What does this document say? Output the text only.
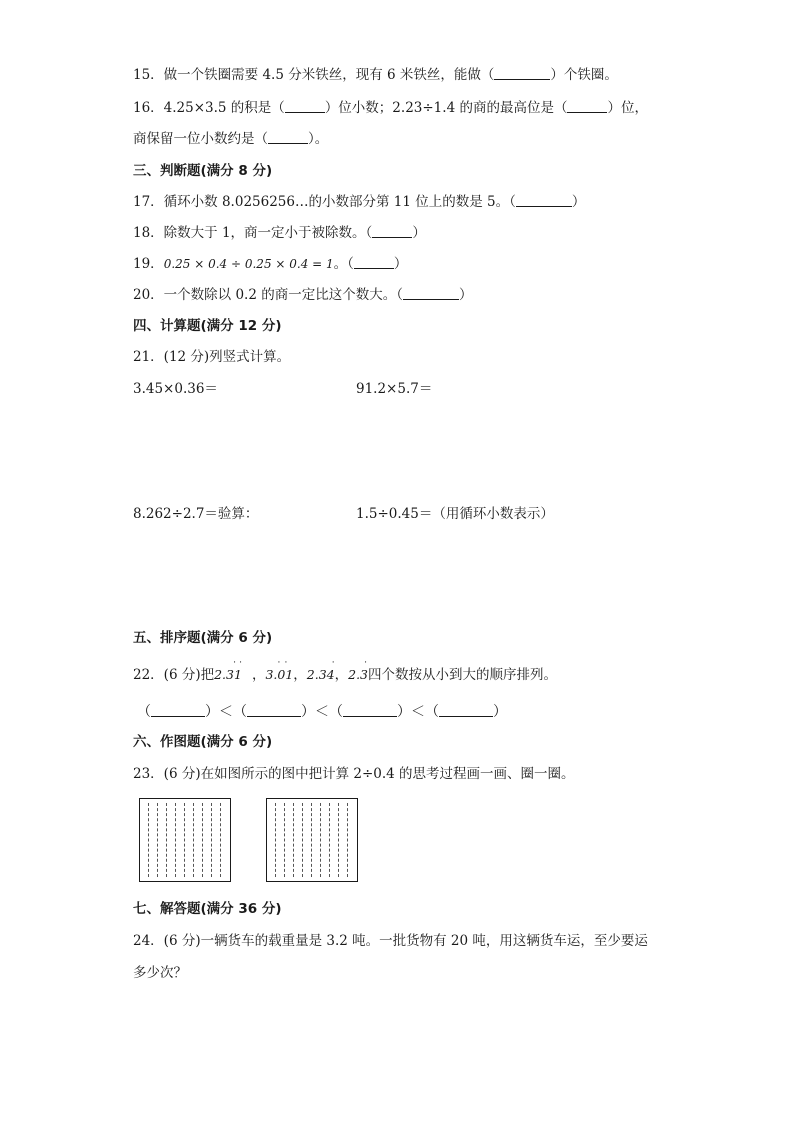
15．做一个铁圈需要 4.5 分米铁丝，现有 6 米铁丝，能做（	）个铁圈。
16．4.25×3.5 的积是（	）位小数；2.23÷1.4 的商的最高位是（	）位，
商保留一位小数约是（	）。
三、判断题(满分 8 分)
17．循环小数 8.0256256…的小数部分第 11 位上的数是 5。（	）
18．除数大于 1，商一定小于被除数。（	）
19．0.25 × 0.4 ÷ 0.25 × 0.4 = 1。（	）
20．一个数除以 0.2 的商一定比这个数大。（	）
四、计算题(满分 12 分)
21．(12 分)列竖式计算。
3.45×0.36＝	91.2×5.7＝
8.262÷2.7＝验算：	1.5÷0.45＝（用循环小数表示）
五、排序题(满分 6 分)
22．(6 分)把2.31
· ·
，3.01
· ·
，2.34
·
，2.3
·
四个数按从小到大的顺序排列。
（	）＜（	）＜（	）＜（	）
六、作图题(满分 6 分)
23．(6 分)在如图所示的图中把计算 2÷0.4 的思考过程画一画、圈一圈。
七、解答题(满分 36 分)
24．(6 分)一辆货车的载重量是 3.2 吨。一批货物有 20 吨，用这辆货车运，至少要运
多少次？
